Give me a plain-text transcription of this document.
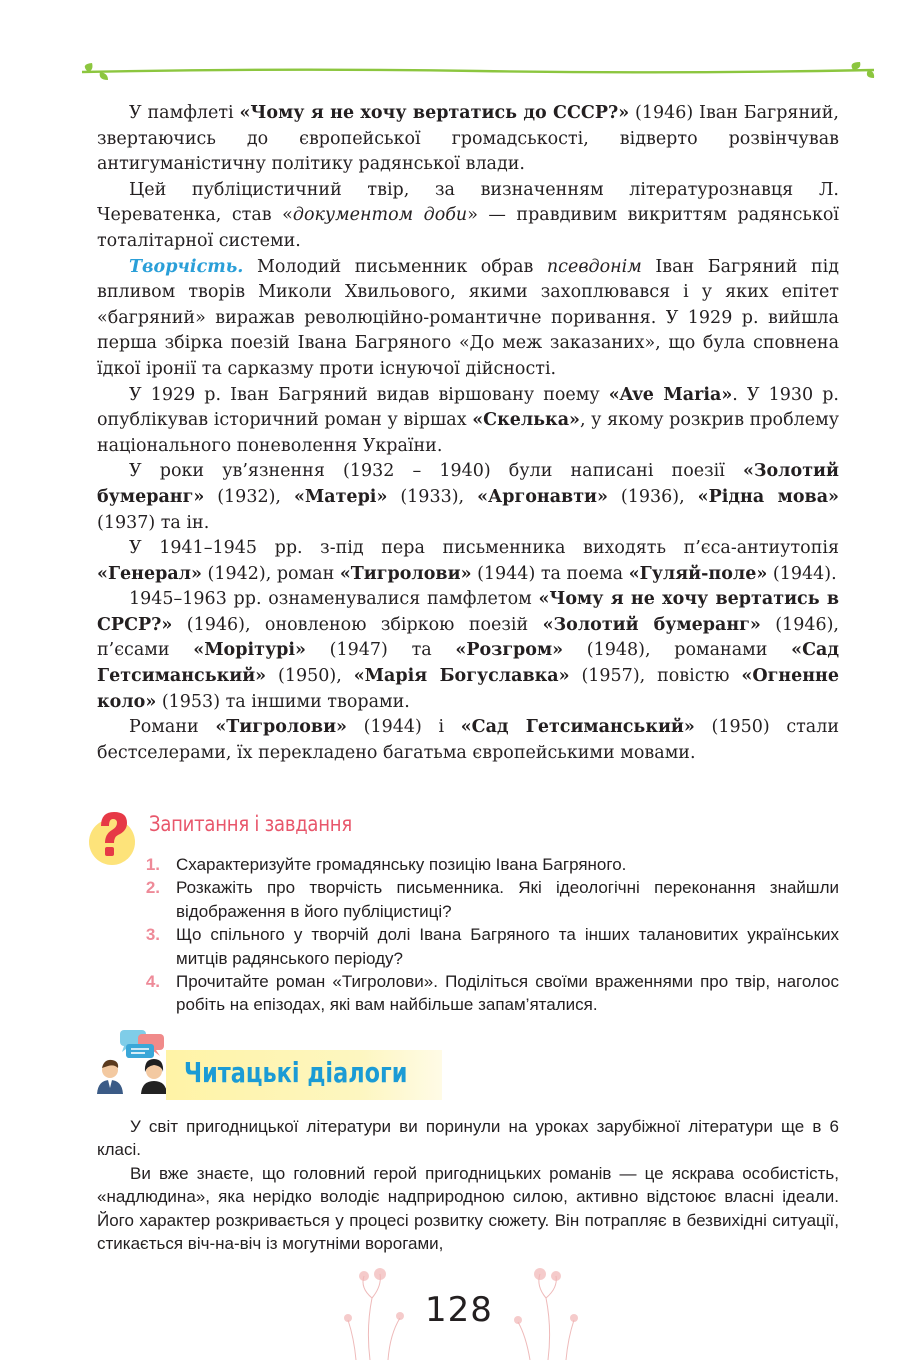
У памфлеті «Чому я не хочу вертатись до СССР?» (1946) Іван Багряний, звертаючись до європейської громадськості, відверто розвінчував антигуманістичну політику радянської влади.

Цей публіцистичний твір, за визначенням літературознавця Л. Череватенка, став «документом доби» — правдивим викриттям радянської тоталітарної системи.

Творчість. Молодий письменник обрав псевдонім Іван Багряний під впливом творів Миколи Хвильового, якими захоплювався і у яких епітет «багряний» виражав революційно-романтичне поривання. У 1929 р. вийшла перша збірка поезій Івана Багряного «До меж заказаних», що була сповнена їдкої іронії та сарказму проти існуючої дійсності.

У 1929 р. Іван Багряний видав віршовану поему «Ave Maria». У 1930 р. опублікував історичний роман у віршах «Скелька», у якому розкрив проблему національного поневолення України.

У роки ув’язнення (1932 – 1940) були написані поезії «Золотий бумеранг» (1932), «Матері» (1933), «Аргонавти» (1936), «Рідна мова» (1937) та ін.

У 1941–1945 рр. з-під пера письменника виходять п’єса-антиутопія «Генерал» (1942), роман «Тигролови» (1944) та поема «Гуляй-поле» (1944).

1945–1963 рр. ознаменувалися памфлетом «Чому я не хочу вертатись в СРСР?» (1946), оновленою збіркою поезій «Золотий бумеранг» (1946), п’єсами «Морітурі» (1947) та «Розгром» (1948), романами «Сад Гетсиманський» (1950), «Марія Богуславка» (1957), повістю «Огненне коло» (1953) та іншими творами.

Романи «Тигролови» (1944) і «Сад Гетсиманський» (1950) стали бестселерами, їх перекладено багатьма європейськими мовами.

Запитання і завдання
1. Схарактеризуйте громадянську позицію Івана Багряного.
2. Розкажіть про творчість письменника. Які ідеологічні переконання знайшли відображення в його публіцистиці?
3. Що спільного у творчій долі Івана Багряного та інших талановитих українських митців радянського періоду?
4. Прочитайте роман «Тигролови». Поділіться своїми враженнями про твір, наголос робіть на епізодах, які вам найбільше запам’яталися.
Читацькі діалоги

У світ пригодницької літератури ви поринули на уроках зарубіжної літератури ще в 6 класі.

Ви вже знаєте, що головний герой пригодницьких романів — це яскрава особистість, «надлюдина», яка нерідко володіє надприродною силою, активно відстоює власні ідеали. Його характер розкривається у процесі розвитку сюжету. Він потрапляє в безвихідні ситуації, стикається віч-на-віч із могутніми ворогами,

128
